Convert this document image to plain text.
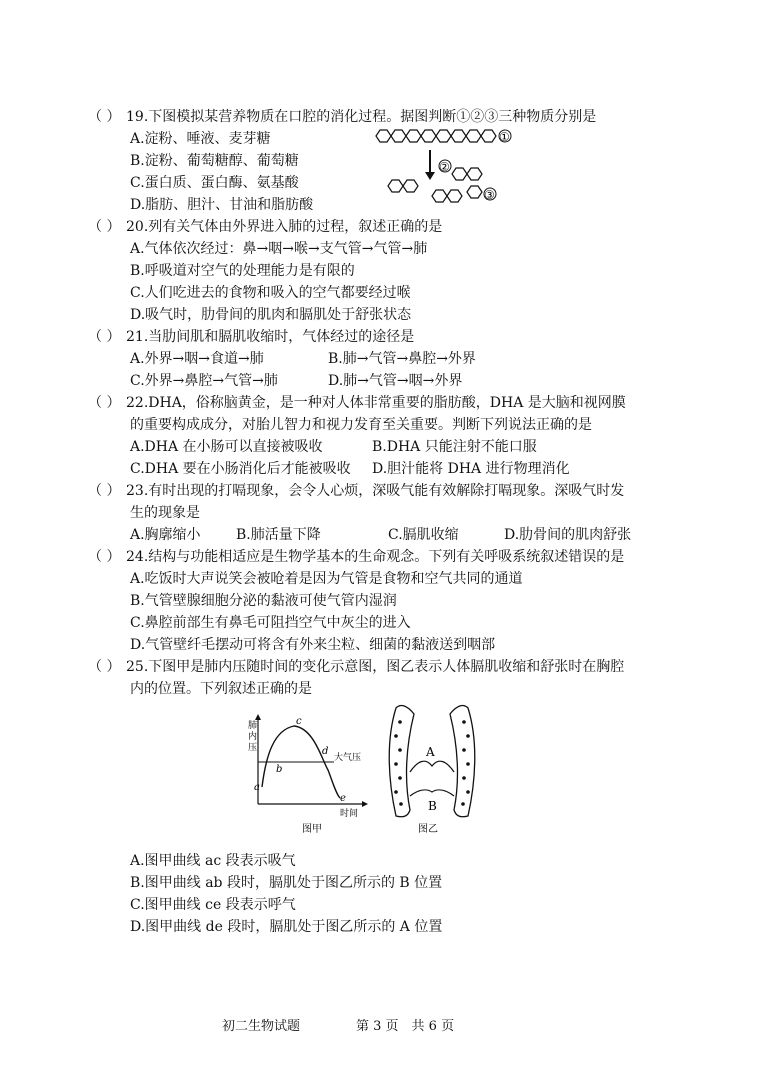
（ ） 19.下图模拟某营养物质在口腔的消化过程。据图判断①②③三种物质分别是
A.淀粉、唾液、麦芽糖
B.淀粉、葡萄糖醇、葡萄糖
C.蛋白质、蛋白酶、氨基酸
D.脂肪、胆汁、甘油和脂肪酸
①
②
③
（ ） 20.列有关气体由外界进入肺的过程，叙述正确的是
A.气体依次经过：鼻→咽→喉→支气管→气管→肺
B.呼吸道对空气的处理能力是有限的
C.人们吃进去的食物和吸入的空气都要经过喉
D.吸气时，肋骨间的肌肉和膈肌处于舒张状态
（ ） 21.当肋间肌和膈肌收缩时，气体经过的途径是
A.外界→咽→食道→肺	B.肺→气管→鼻腔→外界
C.外界→鼻腔→气管→肺	D.肺→气管→咽→外界
（ ） 22.DHA，俗称脑黄金，是一种对人体非常重要的脂肪酸，DHA 是大脑和视网膜
的重要构成成分，对胎儿智力和视力发育至关重要。判断下列说法正确的是
A.DHA 在小肠可以直接被吸收	B.DHA 只能注射不能口服
C.DHA 要在小肠消化后才能被吸收 D.胆汁能将 DHA 进行物理消化
（ ） 23.有时出现的打嗝现象，会令人心烦，深吸气能有效解除打嗝现象。深吸气时发
生的现象是
A.胸廓缩小	B.肺活量下降	C.膈肌收缩	D.肋骨间的肌肉舒张
（ ） 24.结构与功能相适应是生物学基本的生命观念。下列有关呼吸系统叙述错误的是
A.吃饭时大声说笑会被呛着是因为气管是食物和空气共同的通道
B.气管壁腺细胞分泌的黏液可使气管内湿润
C.鼻腔前部生有鼻毛可阻挡空气中灰尘的进入
D.气管壁纤毛摆动可将含有外来尘粒、细菌的黏液送到咽部
（ ） 25.下图甲是肺内压随时间的变化示意图，图乙表示人体膈肌收缩和舒张时在胸腔
内的位置。下列叙述正确的是
肺
内
压
大气压
a
b
c
d
e
时间
图甲
A
B
图乙
A.图甲曲线 ac 段表示吸气
B.图甲曲线 ab 段时，膈肌处于图乙所示的 B 位置
C.图甲曲线 ce 段表示呼气
D.图甲曲线 de 段时，膈肌处于图乙所示的 A 位置
初二生物试题	第 3 页　共 6 页
